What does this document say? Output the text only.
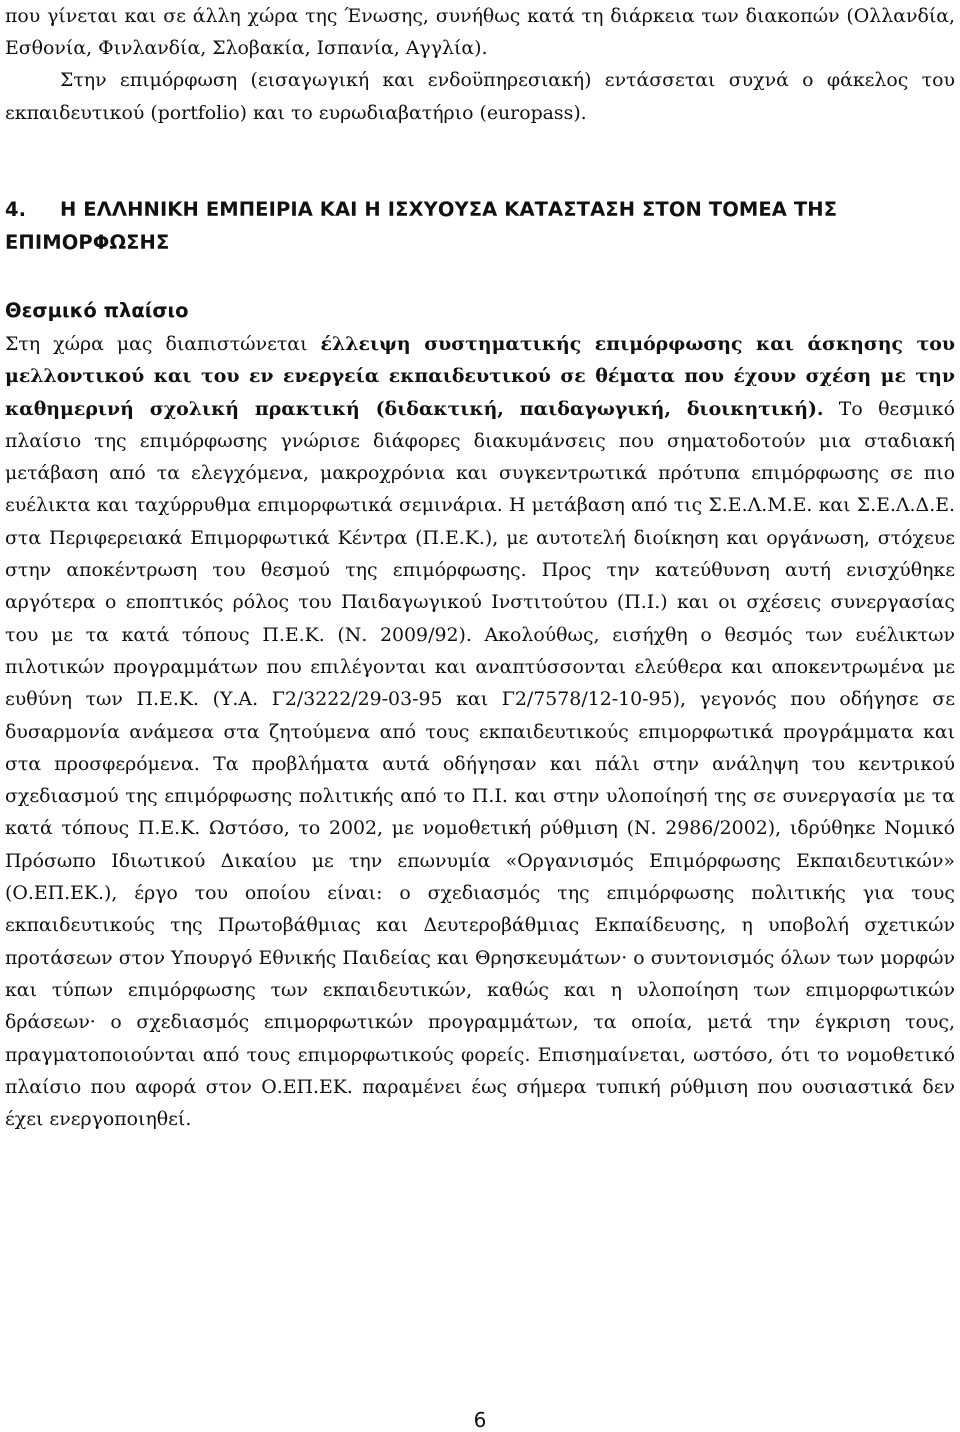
που γίνεται και σε άλλη χώρα της Ένωσης, συνήθως κατά τη διάρκεια των διακοπών (Ολλανδία, Εσθονία, Φινλανδία, Σλοβακία, Ισπανία, Αγγλία).

Στην επιμόρφωση (εισαγωγική και ενδοϋπηρεσιακή) εντάσσεται συχνά ο φάκελος του εκπαιδευτικού (portfolio) και το ευρωδιαβατήριο (europass).

4. Η ΕΛΛΗΝΙΚΗ ΕΜΠΕΙΡΙΑ ΚΑΙ Η ΙΣΧΥΟΥΣΑ ΚΑΤΑΣΤΑΣΗ ΣΤΟΝ ΤΟΜΕΑ ΤΗΣ ΕΠΙΜΟΡΦΩΣΗΣ
Θεσμικό πλαίσιο

Στη χώρα μας διαπιστώνεται έλλειψη συστηματικής επιμόρφωσης και άσκησης του μελλοντικού και του εν ενεργεία εκπαιδευτικού σε θέματα που έχουν σχέση με την καθημερινή σχολική πρακτική (διδακτική, παιδαγωγική, διοικητική). Το θεσμικό πλαίσιο της επιμόρφωσης γνώρισε διάφορες διακυμάνσεις που σηματοδοτούν μια σταδιακή μετάβαση από τα ελεγχόμενα, μακροχρόνια και συγκεντρωτικά πρότυπα επιμόρφωσης σε πιο ευέλικτα και ταχύρρυθμα επιμορφωτικά σεμινάρια. Η μετάβαση από τις Σ.Ε.Λ.Μ.Ε. και Σ.Ε.Λ.Δ.Ε. στα Περιφερειακά Επιμορφωτικά Κέντρα (Π.Ε.Κ.), με αυτοτελή διοίκηση και οργάνωση, στόχευε στην αποκέντρωση του θεσμού της επιμόρφωσης. Προς την κατεύθυνση αυτή ενισχύθηκε αργότερα ο εποπτικός ρόλος του Παιδαγωγικού Ινστιτούτου (Π.Ι.) και οι σχέσεις συνεργασίας του με τα κατά τόπους Π.Ε.Κ. (Ν. 2009/92). Ακολούθως, εισήχθη ο θεσμός των ευέλικτων πιλοτικών προγραμμάτων που επιλέγονται και αναπτύσσονται ελεύθερα και αποκεντρωμένα με ευθύνη των Π.Ε.Κ. (Υ.Α. Γ2/3222/29-03-95 και Γ2/7578/12-10-95), γεγονός που οδήγησε σε δυσαρμονία ανάμεσα στα ζητούμενα από τους εκπαιδευτικούς επιμορφωτικά προγράμματα και στα προσφερόμενα. Τα προβλήματα αυτά οδήγησαν και πάλι στην ανάληψη του κεντρικού σχεδιασμού της επιμόρφωσης πολιτικής από το Π.Ι. και στην υλοποίησή της σε συνεργασία με τα κατά τόπους Π.Ε.Κ. Ωστόσο, το 2002, με νομοθετική ρύθμιση (Ν. 2986/2002), ιδρύθηκε Νομικό Πρόσωπο Ιδιωτικού Δικαίου με την επωνυμία «Οργανισμός Επιμόρφωσης Εκπαιδευτικών» (Ο.ΕΠ.ΕΚ.), έργο του οποίου είναι: ο σχεδιασμός της επιμόρφωσης πολιτικής για τους εκπαιδευτικούς της Πρωτοβάθμιας και Δευτεροβάθμιας Εκπαίδευσης, η υποβολή σχετικών προτάσεων στον Υπουργό Εθνικής Παιδείας και Θρησκευμάτων· ο συντονισμός όλων των μορφών και τύπων επιμόρφωσης των εκπαιδευτικών, καθώς και η υλοποίηση των επιμορφωτικών δράσεων· ο σχεδιασμός επιμορφωτικών προγραμμάτων, τα οποία, μετά την έγκριση τους, πραγματοποιούνται από τους επιμορφωτικούς φορείς. Επισημαίνεται, ωστόσο, ότι το νομοθετικό πλαίσιο που αφορά στον Ο.ΕΠ.ΕΚ. παραμένει έως σήμερα τυπική ρύθμιση που ουσιαστικά δεν έχει ενεργοποιηθεί.

6
